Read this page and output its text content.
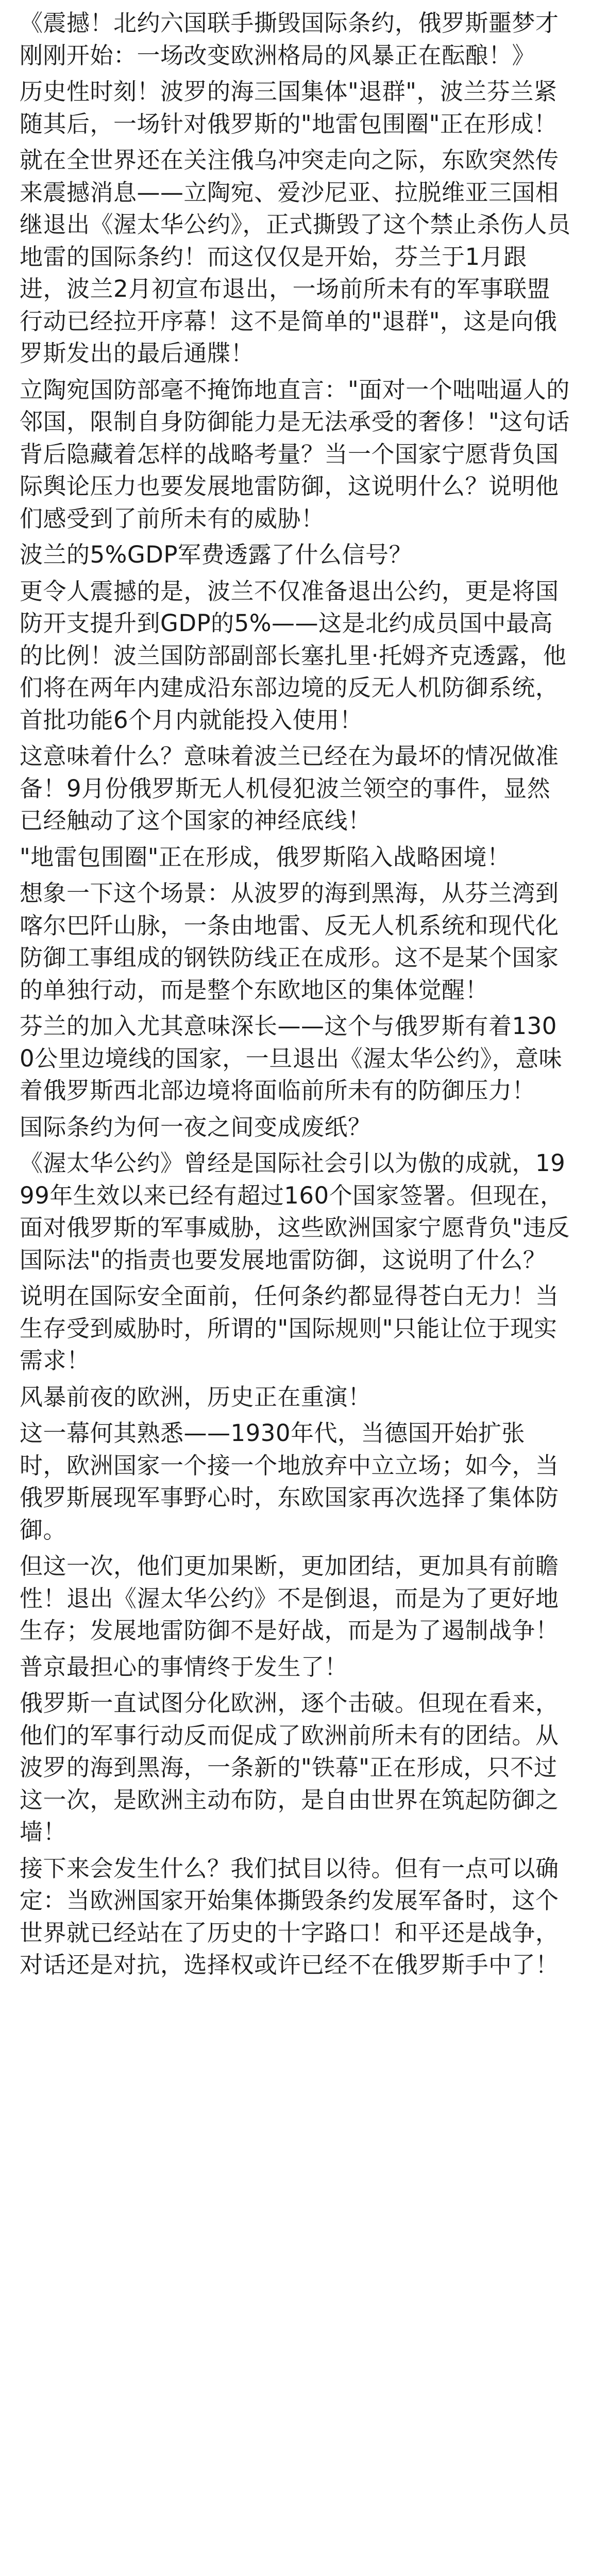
《震撼！北约六国联手撕毁国际条约，俄罗斯噩梦才刚刚开始：一场改变欧洲格局的风暴正在酝酿！》

历史性时刻！波罗的海三国集体"退群"，波兰芬兰紧随其后，一场针对俄罗斯的"地雷包围圈"正在形成！

就在全世界还在关注俄乌冲突走向之际，东欧突然传来震撼消息——立陶宛、爱沙尼亚、拉脱维亚三国相继退出《渥太华公约》，正式撕毁了这个禁止杀伤人员地雷的国际条约！而这仅仅是开始，芬兰于1月跟进，波兰2月初宣布退出，一场前所未有的军事联盟行动已经拉开序幕！这不是简单的"退群"，这是向俄罗斯发出的最后通牒！

立陶宛国防部毫不掩饰地直言："面对一个咄咄逼人的邻国，限制自身防御能力是无法承受的奢侈！"这句话背后隐藏着怎样的战略考量？当一个国家宁愿背负国际舆论压力也要发展地雷防御，这说明什么？说明他们感受到了前所未有的威胁！

波兰的5%GDP军费透露了什么信号？

更令人震撼的是，波兰不仅准备退出公约，更是将国防开支提升到GDP的5%——这是北约成员国中最高的比例！波兰国防部副部长塞扎里·托姆齐克透露，他们将在两年内建成沿东部边境的反无人机防御系统，首批功能6个月内就能投入使用！

这意味着什么？意味着波兰已经在为最坏的情况做准备！9月份俄罗斯无人机侵犯波兰领空的事件，显然已经触动了这个国家的神经底线！

"地雷包围圈"正在形成，俄罗斯陷入战略困境！

想象一下这个场景：从波罗的海到黑海，从芬兰湾到喀尔巴阡山脉，一条由地雷、反无人机系统和现代化防御工事组成的钢铁防线正在成形。这不是某个国家的单独行动，而是整个东欧地区的集体觉醒！

芬兰的加入尤其意味深长——这个与俄罗斯有着1300公里边境线的国家，一旦退出《渥太华公约》，意味着俄罗斯西北部边境将面临前所未有的防御压力！

国际条约为何一夜之间变成废纸？

《渥太华公约》曾经是国际社会引以为傲的成就，1999年生效以来已经有超过160个国家签署。但现在，面对俄罗斯的军事威胁，这些欧洲国家宁愿背负"违反国际法"的指责也要发展地雷防御，这说明了什么？

说明在国际安全面前，任何条约都显得苍白无力！当生存受到威胁时，所谓的"国际规则"只能让位于现实需求！

风暴前夜的欧洲，历史正在重演！

这一幕何其熟悉——1930年代，当德国开始扩张时，欧洲国家一个接一个地放弃中立立场；如今，当俄罗斯展现军事野心时，东欧国家再次选择了集体防御。

但这一次，他们更加果断，更加团结，更加具有前瞻性！退出《渥太华公约》不是倒退，而是为了更好地生存；发展地雷防御不是好战，而是为了遏制战争！

普京最担心的事情终于发生了！

俄罗斯一直试图分化欧洲，逐个击破。但现在看来，他们的军事行动反而促成了欧洲前所未有的团结。从波罗的海到黑海，一条新的"铁幕"正在形成，只不过这一次，是欧洲主动布防，是自由世界在筑起防御之墙！

接下来会发生什么？我们拭目以待。但有一点可以确定：当欧洲国家开始集体撕毁条约发展军备时，这个世界就已经站在了历史的十字路口！和平还是战争，对话还是对抗，选择权或许已经不在俄罗斯手中了！
